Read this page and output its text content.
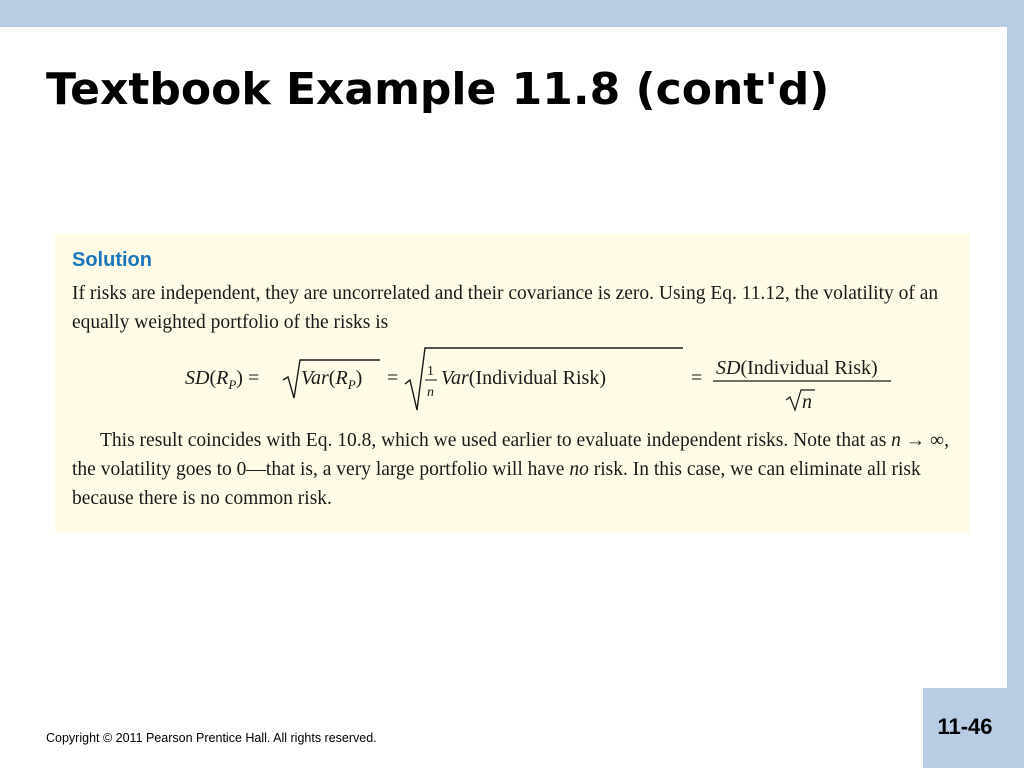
Textbook Example 11.8 (cont'd)
Solution
If risks are independent, they are uncorrelated and their covariance is zero. Using Eq. 11.12, the volatility of an equally weighted portfolio of the risks is
$SD(R_P) = Var(R_P) = 1$
n
Var(Individual Risk)	= SD(Individual Risk)
n
This result coincides with Eq. 10.8, which we used earlier to evaluate independent risks. Note that as n → ∞, the volatility goes to 0—that is, a very large portfolio will have no risk. In this case, we can eliminate all risk because there is no common risk.
Copyright © 2011 Pearson Prentice Hall. All rights reserved.	11-46
